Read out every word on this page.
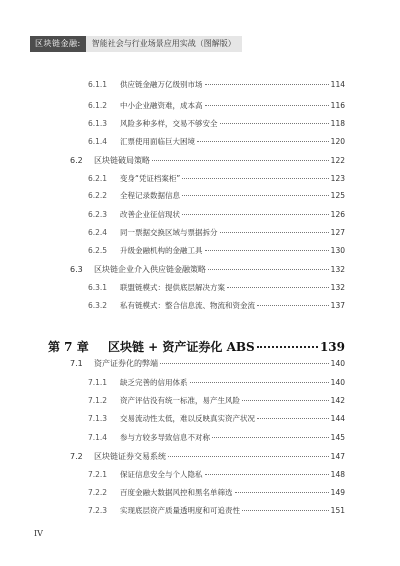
区块链金融:	智能社会与行业场景应用实战（图解版）
6.1.1	供应链金融万亿级别市场	114
6.1.2	中小企业融资难，成本高	116
6.1.3	风险多种多样，交易不够安全	118
6.1.4	汇票使用面临巨大困境	120
6.2	区块链破局策略	122
6.2.1	变身“凭证档案柜”	123
6.2.2	全程记录数据信息	125
6.2.3	改善企业征信现状	126
6.2.4	同一票据交换区域与票据拆分	127
6.2.5	升级金融机构的金融工具	130
6.3	区块链企业介入供应链金融策略	132
6.3.1	联盟链模式：提供底层解决方案	132
6.3.2	私有链模式：整合信息流、物流和资金流	137
第 7 章	区块链 + 资产证券化 ABS	139
7.1	资产证券化的弊端	140
7.1.1	缺乏完善的信用体系	140
7.1.2	资产评估没有统一标准，易产生风险	142
7.1.3	交易流动性太低，难以反映真实资产状况	144
7.1.4	参与方较多导致信息不对称	145
7.2	区块链证券交易系统	147
7.2.1	保证信息安全与个人隐私	148
7.2.2	百度金融大数据风控和黑名单筛选	149
7.2.3	实现底层资产质量透明度和可追责性	151
IV
